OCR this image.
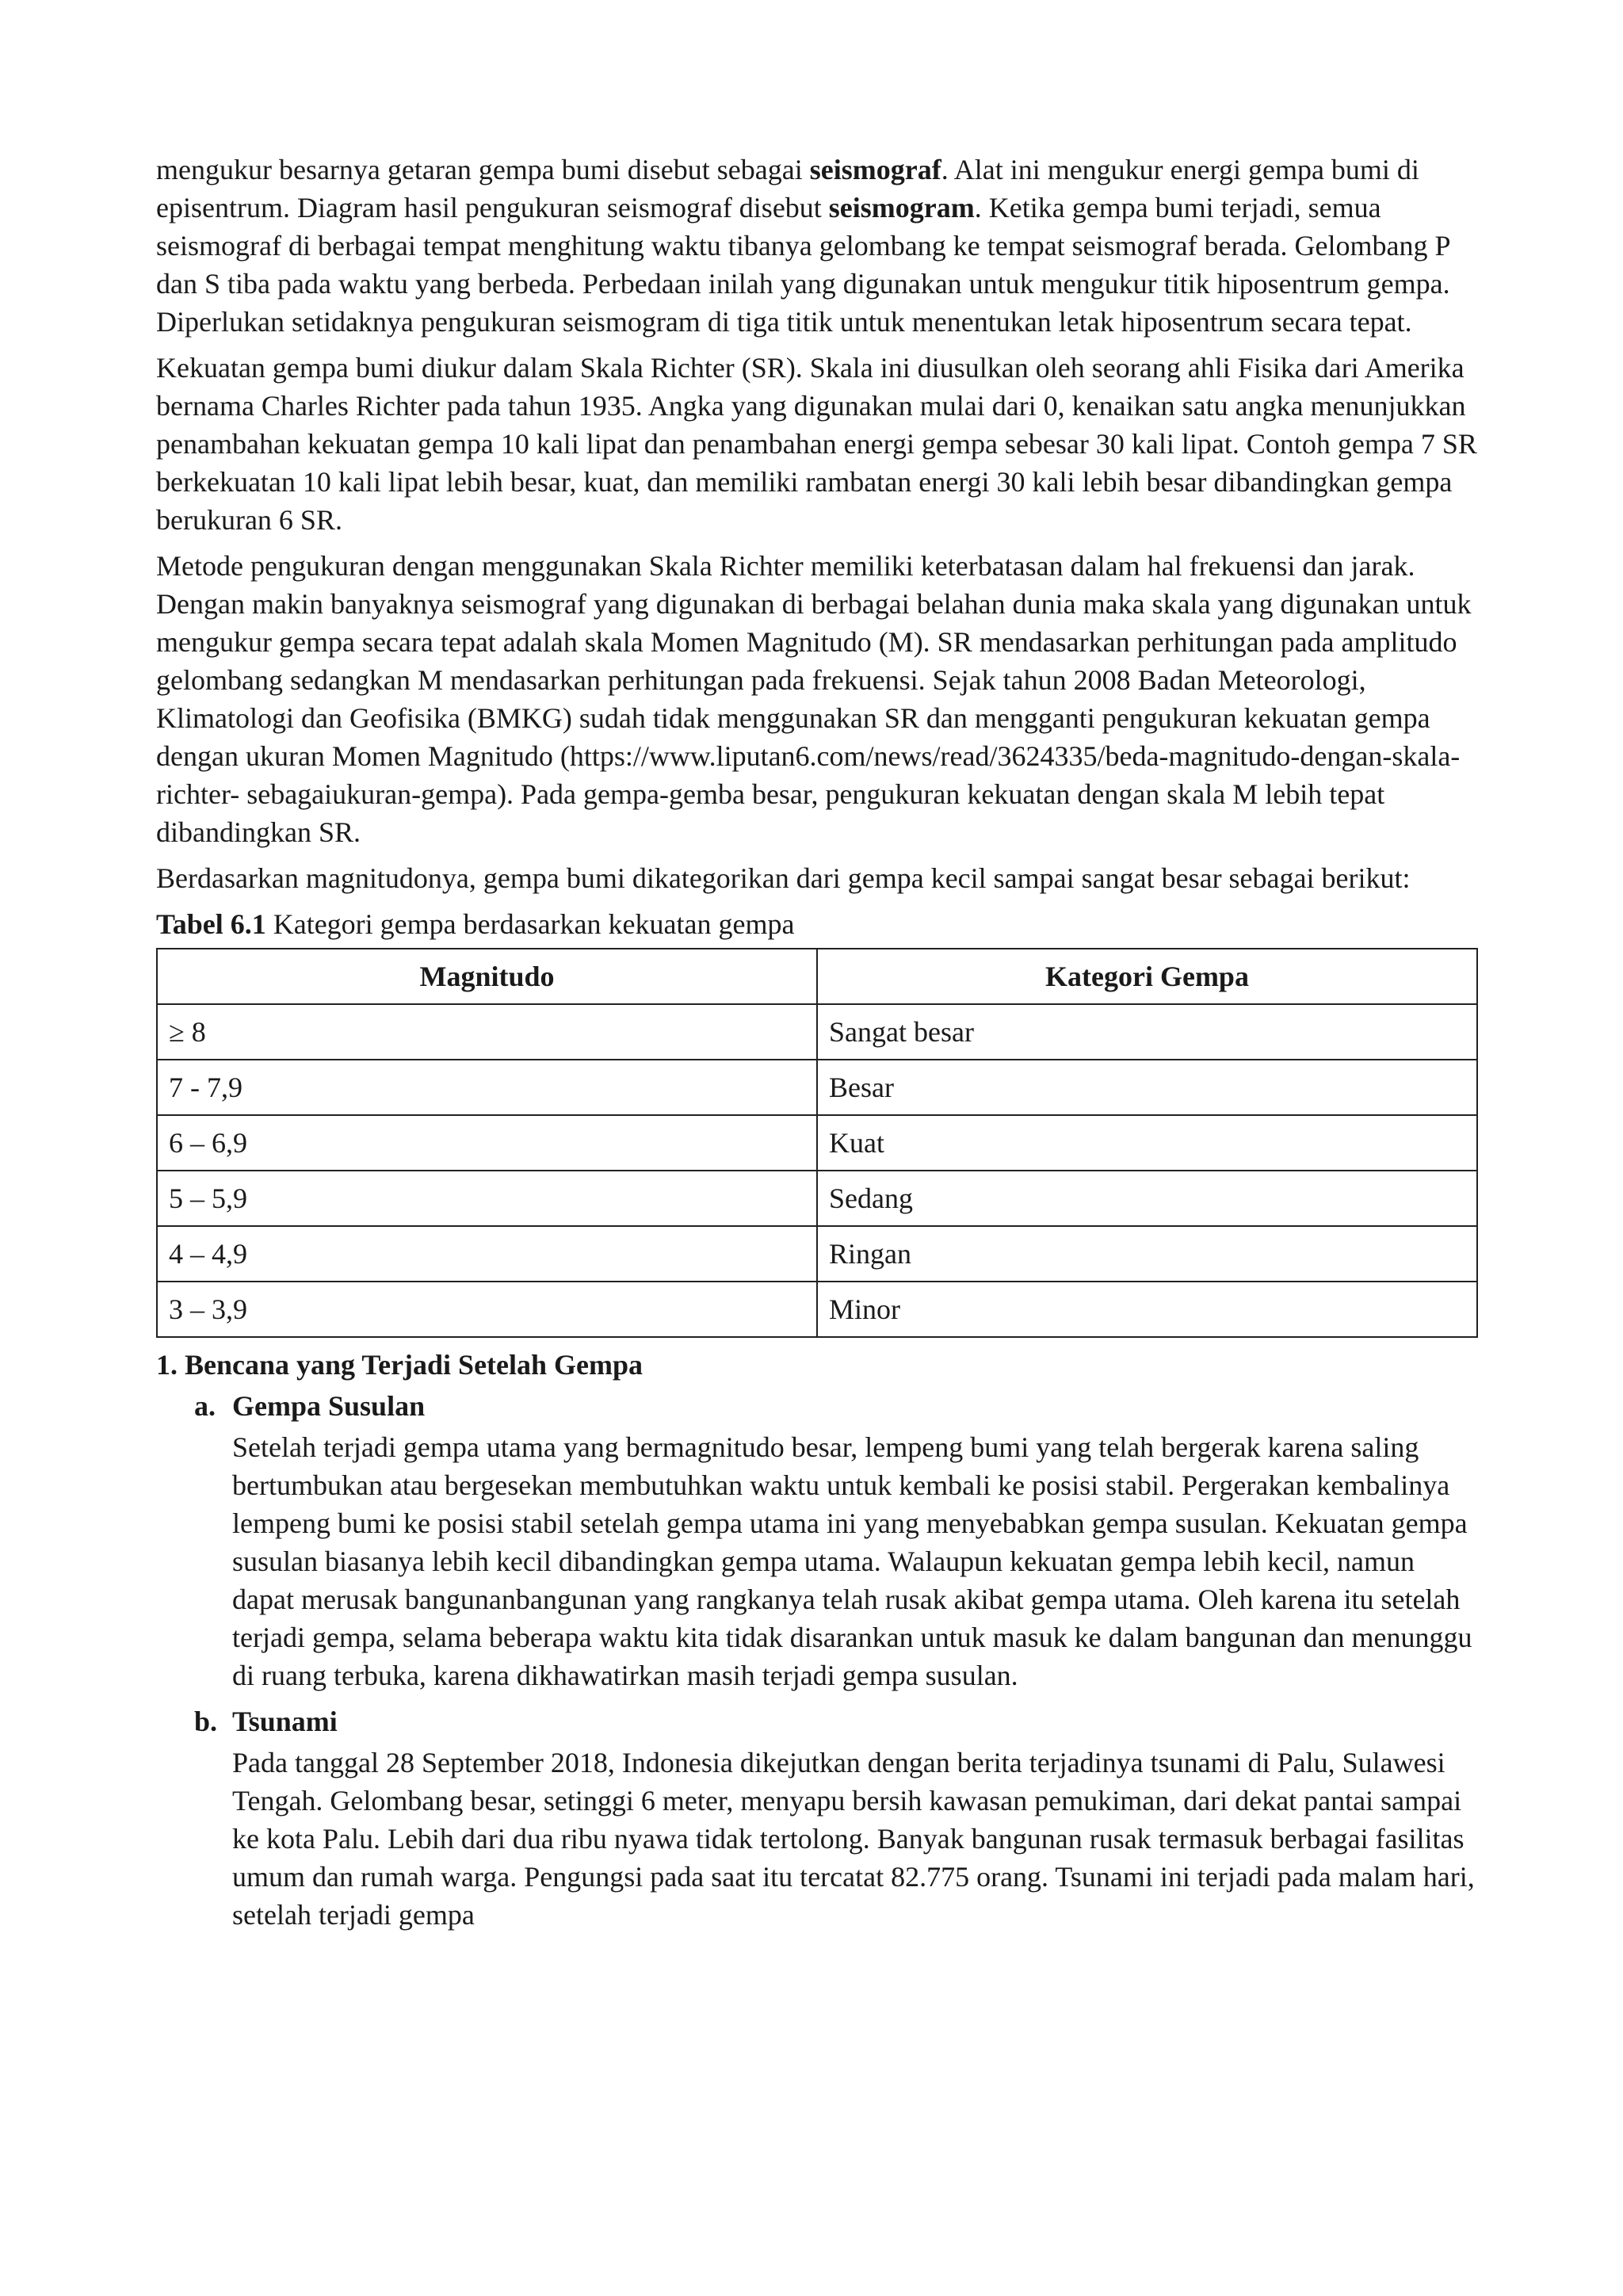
mengukur besarnya getaran gempa bumi disebut sebagai seismograf. Alat ini mengukur energi gempa bumi di episentrum. Diagram hasil pengukuran seismograf disebut seismogram. Ketika gempa bumi terjadi, semua seismograf di berbagai tempat menghitung waktu tibanya gelombang ke tempat seismograf berada. Gelombang P dan S tiba pada waktu yang berbeda. Perbedaan inilah yang digunakan untuk mengukur titik hiposentrum gempa. Diperlukan setidaknya pengukuran seismogram di tiga titik untuk menentukan letak hiposentrum secara tepat.

Kekuatan gempa bumi diukur dalam Skala Richter (SR). Skala ini diusulkan oleh seorang ahli Fisika dari Amerika bernama Charles Richter pada tahun 1935. Angka yang digunakan mulai dari 0, kenaikan satu angka menunjukkan penambahan kekuatan gempa 10 kali lipat dan penambahan energi gempa sebesar 30 kali lipat. Contoh gempa 7 SR berkekuatan 10 kali lipat lebih besar, kuat, dan memiliki rambatan energi 30 kali lebih besar dibandingkan gempa berukuran 6 SR.

Metode pengukuran dengan menggunakan Skala Richter memiliki keterbatasan dalam hal frekuensi dan jarak. Dengan makin banyaknya seismograf yang digunakan di berbagai belahan dunia maka skala yang digunakan untuk mengukur gempa secara tepat adalah skala Momen Magnitudo (M). SR mendasarkan perhitungan pada amplitudo gelombang sedangkan M mendasarkan perhitungan pada frekuensi. Sejak tahun 2008 Badan Meteorologi, Klimatologi dan Geofisika (BMKG) sudah tidak menggunakan SR dan mengganti pengukuran kekuatan gempa dengan ukuran Momen Magnitudo (https://www.liputan6.com/news/read/3624335/beda-magnitudo-dengan-skala-richter- sebagaiukuran-gempa). Pada gempa-gemba besar, pengukuran kekuatan dengan skala M lebih tepat dibandingkan SR.

Berdasarkan magnitudonya, gempa bumi dikategorikan dari gempa kecil sampai sangat besar sebagai berikut:

Tabel 6.1 Kategori gempa berdasarkan kekuatan gempa
Magnitudo	Kategori Gempa
≥ 8	Sangat besar
7 - 7,9	Besar
6 – 6,9	Kuat
5 – 5,9	Sedang
4 – 4,9	Ringan
3 – 3,9	Minor
1. Bencana yang Terjadi Setelah Gempa
a. Gempa Susulan

Setelah terjadi gempa utama yang bermagnitudo besar, lempeng bumi yang telah bergerak karena saling bertumbukan atau bergesekan membutuhkan waktu untuk kembali ke posisi stabil. Pergerakan kembalinya lempeng bumi ke posisi stabil setelah gempa utama ini yang menyebabkan gempa susulan. Kekuatan gempa susulan biasanya lebih kecil dibandingkan gempa utama. Walaupun kekuatan gempa lebih kecil, namun dapat merusak bangunanbangunan yang rangkanya telah rusak akibat gempa utama. Oleh karena itu setelah terjadi gempa, selama beberapa waktu kita tidak disarankan untuk masuk ke dalam bangunan dan menunggu di ruang terbuka, karena dikhawatirkan masih terjadi gempa susulan.

b. Tsunami

Pada tanggal 28 September 2018, Indonesia dikejutkan dengan berita terjadinya tsunami di Palu, Sulawesi Tengah. Gelombang besar, setinggi 6 meter, menyapu bersih kawasan pemukiman, dari dekat pantai sampai ke kota Palu. Lebih dari dua ribu nyawa tidak tertolong. Banyak bangunan rusak termasuk berbagai fasilitas umum dan rumah warga. Pengungsi pada saat itu tercatat 82.775 orang. Tsunami ini terjadi pada malam hari, setelah terjadi gempa
